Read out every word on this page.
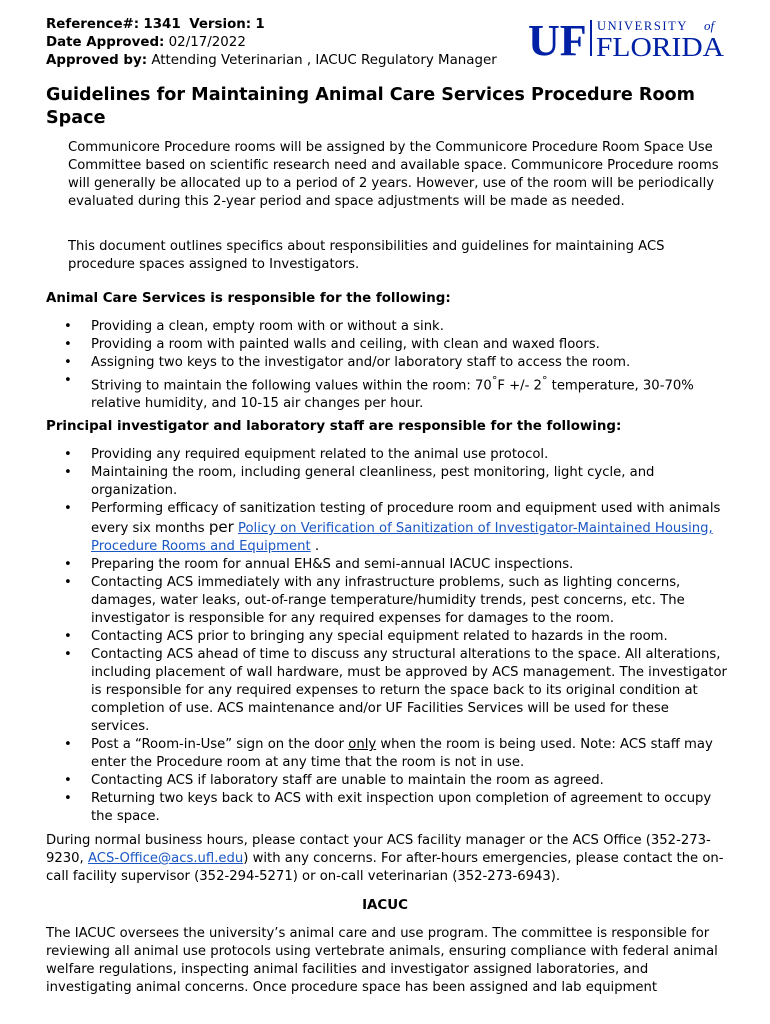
Reference#: 1341 Version: 1
Date Approved: 02/17/2022
Approved by: Attending Veterinarian , IACUC Regulatory Manager UF UNIVERSITY of
FLORIDA
Guidelines for Maintaining Animal Care Services Procedure Room Space

Communicore Procedure rooms will be assigned by the Communicore Procedure Room Space Use Committee based on scientific research need and available space. Communicore Procedure rooms will generally be allocated up to a period of 2 years. However, use of the room will be periodically evaluated during this 2-year period and space adjustments will be made as needed.

This document outlines specifics about responsibilities and guidelines for maintaining ACS procedure spaces assigned to Investigators.

Animal Care Services is responsible for the following:
• Providing a clean, empty room with or without a sink.
• Providing a room with painted walls and ceiling, with clean and waxed floors.
• Assigning two keys to the investigator and/or laboratory staff to access the room.
• Striving to maintain the following values within the room: 70°F +/- 2° temperature, 30-70% relative humidity, and 10-15 air changes per hour.
Principal investigator and laboratory staff are responsible for the following:
• Providing any required equipment related to the animal use protocol.
• Maintaining the room, including general cleanliness, pest monitoring, light cycle, and organization.
• Performing efficacy of sanitization testing of procedure room and equipment used with animals every six months per Policy on Verification of Sanitization of Investigator-Maintained Housing, Procedure Rooms and Equipment .
• Preparing the room for annual EH&S and semi-annual IACUC inspections.
• Contacting ACS immediately with any infrastructure problems, such as lighting concerns, damages, water leaks, out-of-range temperature/humidity trends, pest concerns, etc. The investigator is responsible for any required expenses for damages to the room.
• Contacting ACS prior to bringing any special equipment related to hazards in the room.
• Contacting ACS ahead of time to discuss any structural alterations to the space. All alterations, including placement of wall hardware, must be approved by ACS management. The investigator is responsible for any required expenses to return the space back to its original condition at completion of use. ACS maintenance and/or UF Facilities Services will be used for these services.
• Post a “Room-in-Use” sign on the door only when the room is being used. Note: ACS staff may enter the Procedure room at any time that the room is not in use.
• Contacting ACS if laboratory staff are unable to maintain the room as agreed.
• Returning two keys back to ACS with exit inspection upon completion of agreement to occupy the space.

During normal business hours, please contact your ACS facility manager or the ACS Office (352-273-9230, ACS-Office@acs.ufl.edu) with any concerns. For after-hours emergencies, please contact the on-call facility supervisor (352-294-5271) or on-call veterinarian (352-273-6943).

IACUC

The IACUC oversees the university’s animal care and use program. The committee is responsible for reviewing all animal use protocols using vertebrate animals, ensuring compliance with federal animal welfare regulations, inspecting animal facilities and investigator assigned laboratories, and investigating animal concerns. Once procedure space has been assigned and lab equipment
